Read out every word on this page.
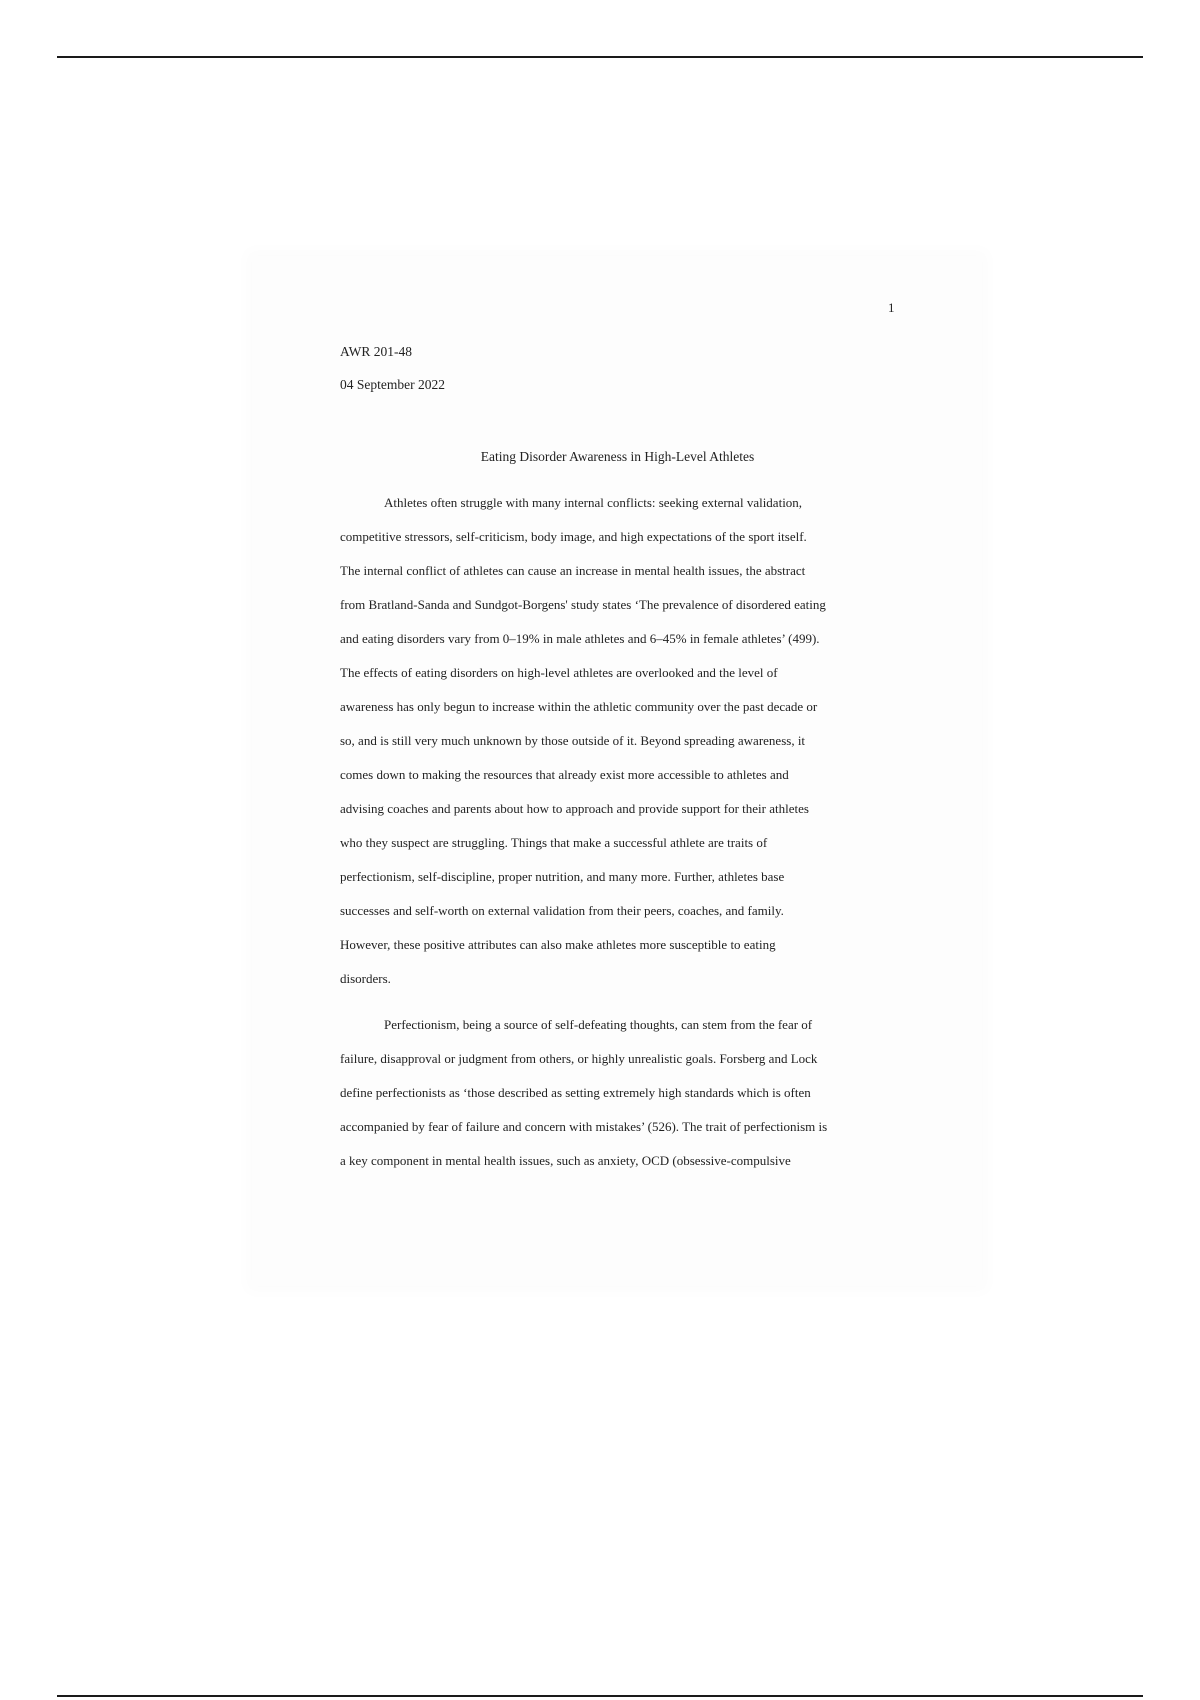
1
AWR 201-48
04 September 2022
Eating Disorder Awareness in High-Level Athletes
Athletes often struggle with many internal conflicts: seeking external validation,
competitive stressors, self-criticism, body image, and high expectations of the sport itself.
The internal conflict of athletes can cause an increase in mental health issues, the abstract
from Bratland-Sanda and Sundgot-Borgens' study states ‘The prevalence of disordered eating
and eating disorders vary from 0–19% in male athletes and 6–45% in female athletes’ (499).
The effects of eating disorders on high-level athletes are overlooked and the level of
awareness has only begun to increase within the athletic community over the past decade or
so, and is still very much unknown by those outside of it. Beyond spreading awareness, it
comes down to making the resources that already exist more accessible to athletes and
advising coaches and parents about how to approach and provide support for their athletes
who they suspect are struggling. Things that make a successful athlete are traits of
perfectionism, self-discipline, proper nutrition, and many more. Further, athletes base
successes and self-worth on external validation from their peers, coaches, and family.
However, these positive attributes can also make athletes more susceptible to eating
disorders.
Perfectionism, being a source of self-defeating thoughts, can stem from the fear of
failure, disapproval or judgment from others, or highly unrealistic goals. Forsberg and Lock
define perfectionists as ‘those described as setting extremely high standards which is often
accompanied by fear of failure and concern with mistakes’ (526). The trait of perfectionism is
a key component in mental health issues, such as anxiety, OCD (obsessive-compulsive
